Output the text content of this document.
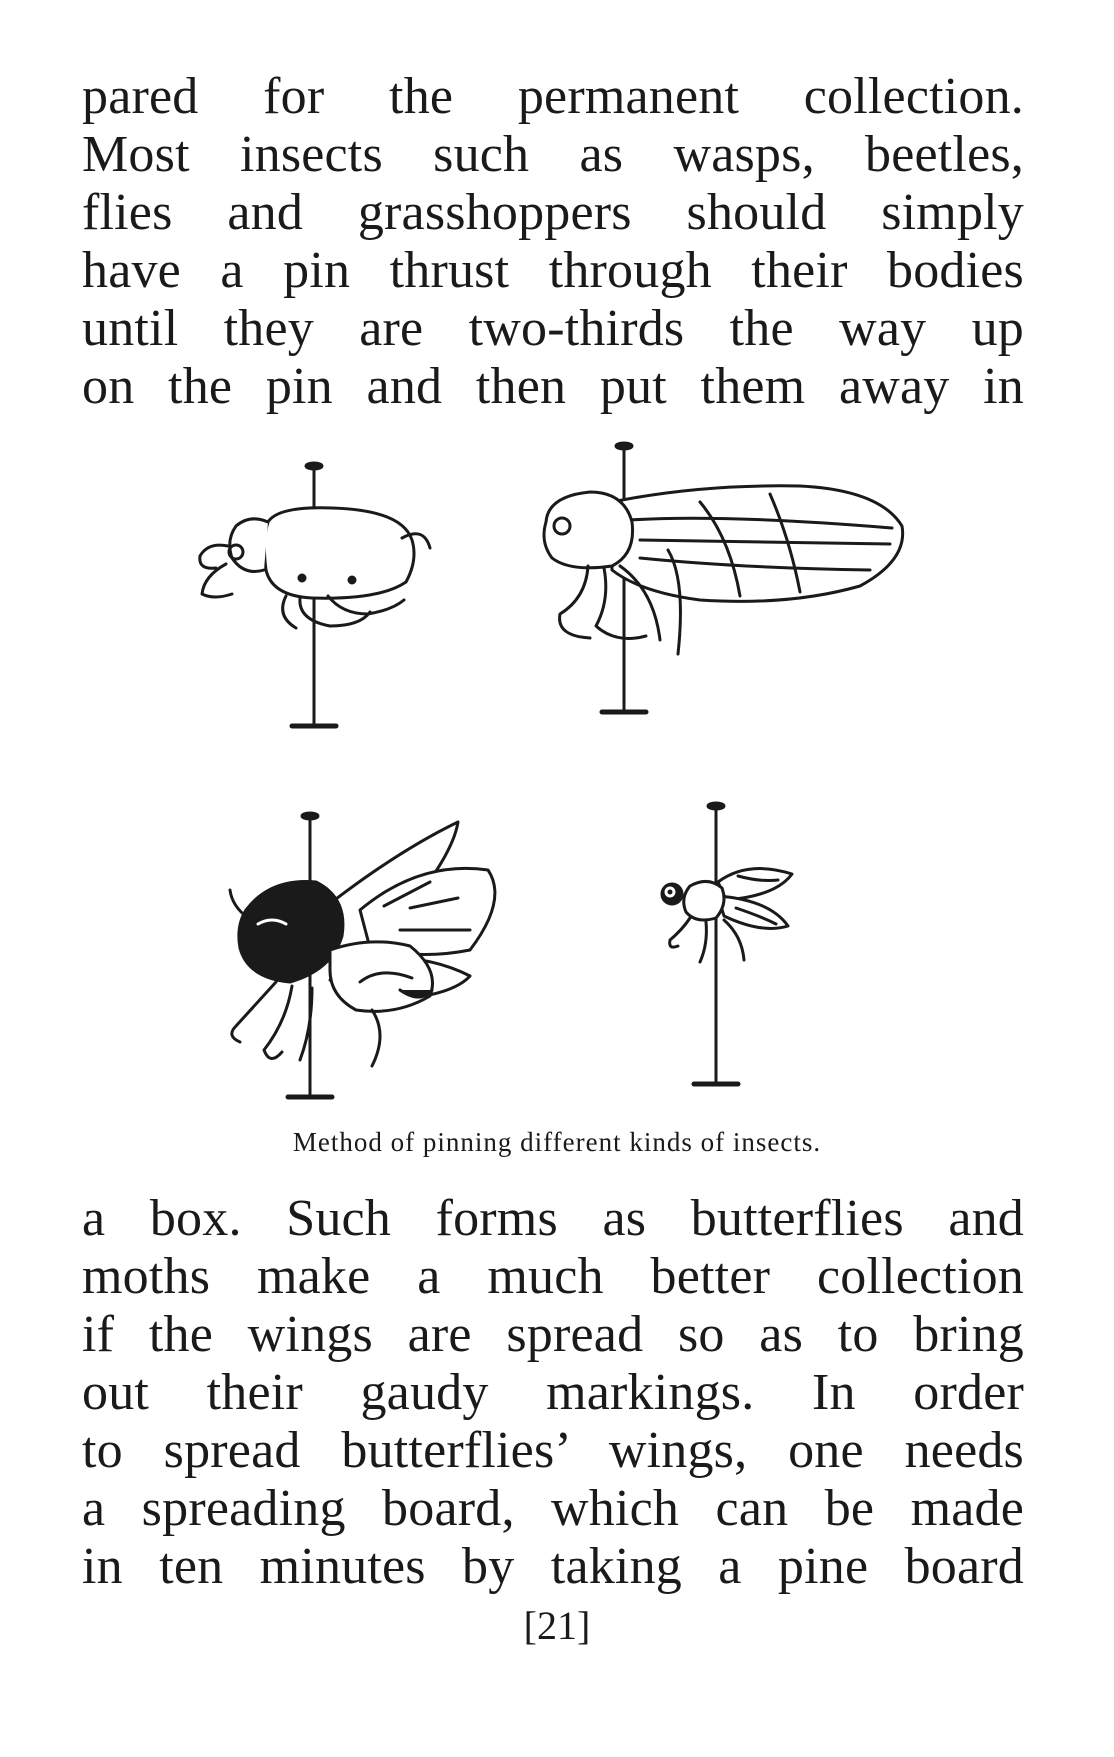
pared for the permanent collection.
Most insects such as wasps, beetles,
flies and grasshoppers should simply
have a pin thrust through their bodies
until they are two-thirds the way up
on the pin and then put them away in
Method of pinning different kinds of insects.
a box. Such forms as butterflies and
moths make a much better collection
if the wings are spread so as to bring
out their gaudy markings. In order
to spread butterflies’ wings, one needs
a spreading board, which can be made
in ten minutes by taking a pine board
[21]
